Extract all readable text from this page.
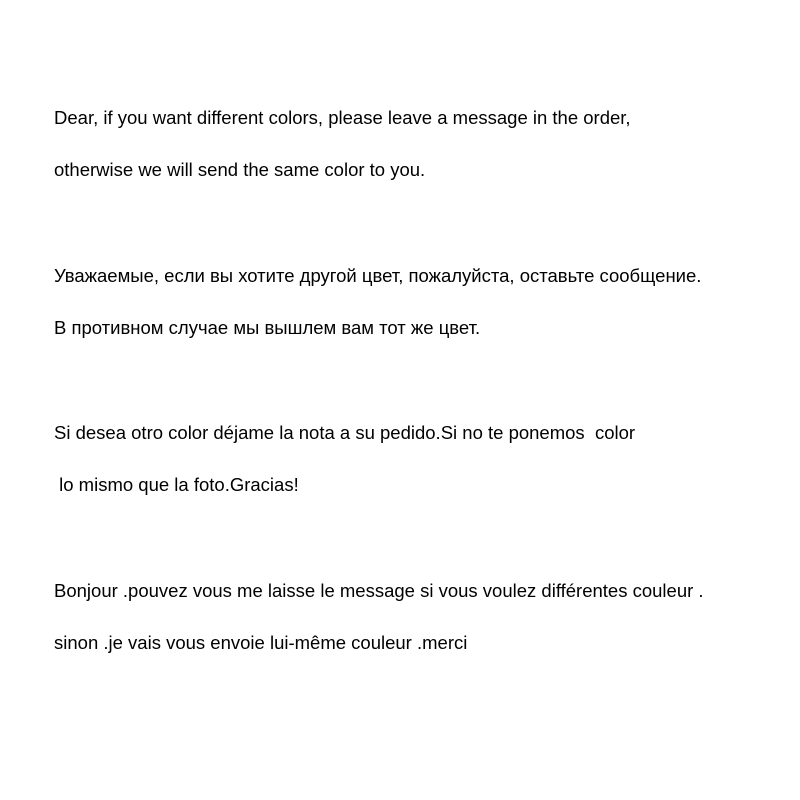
Dear, if you want different colors, please leave a message in the order,
otherwise we will send the same color to you.
Уважаемые, если вы хотите другой цвет, пожалуйста, оставьте сообщение.
В противном случае мы вышлем вам тот же цвет.
Si desea otro color déjame la nota a su pedido.Si no te ponemos  color
lo mismo que la foto.Gracias!
Bonjour .pouvez vous me laisse le message si vous voulez différentes couleur .
sinon .je vais vous envoie lui-même couleur .merci
